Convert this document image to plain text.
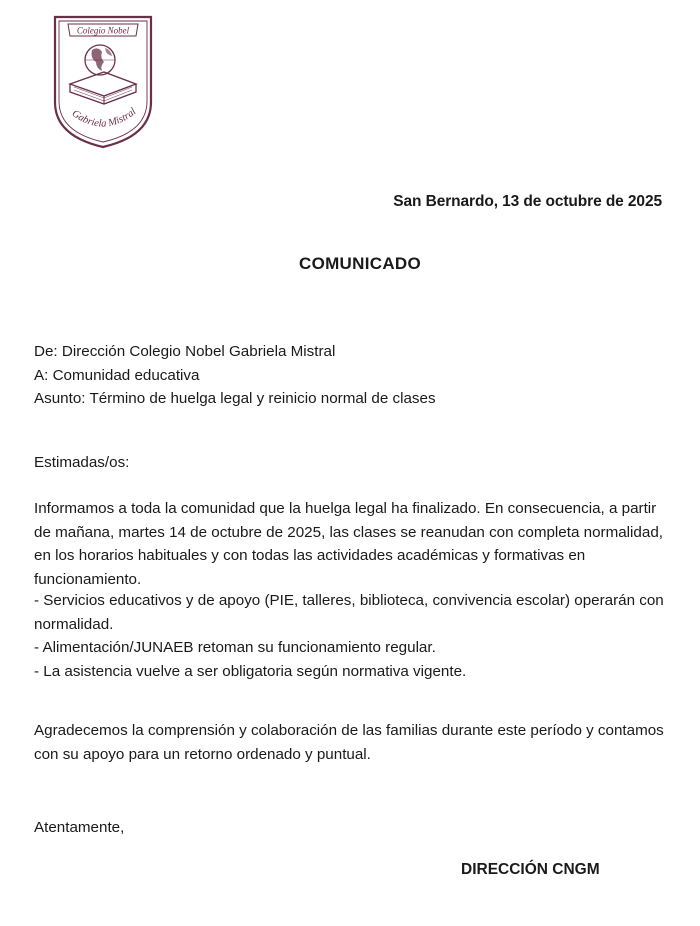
Colegio Nobel
Gabriela Mistral
San Bernardo, 13 de octubre de 2025
COMUNICADO

De: Dirección Colegio Nobel Gabriela Mistral

A: Comunidad educativa

Asunto: Término de huelga legal y reinicio normal de clases

Estimadas/os:
Informamos a toda la comunidad que la huelga legal ha finalizado. En consecuencia, a partir de mañana, martes 14 de octubre de 2025, las clases se reanudan con completa normalidad, en los horarios habituales y con todas las actividades académicas y formativas en funcionamiento.

- Servicios educativos y de apoyo (PIE, talleres, biblioteca, convivencia escolar) operarán con normalidad.

- Alimentación/JUNAEB retoman su funcionamiento regular.

- La asistencia vuelve a ser obligatoria según normativa vigente.

Agradecemos la comprensión y colaboración de las familias durante este período y contamos con su apoyo para un retorno ordenado y puntual.
Atentamente,
DIRECCIÓN CNGM
